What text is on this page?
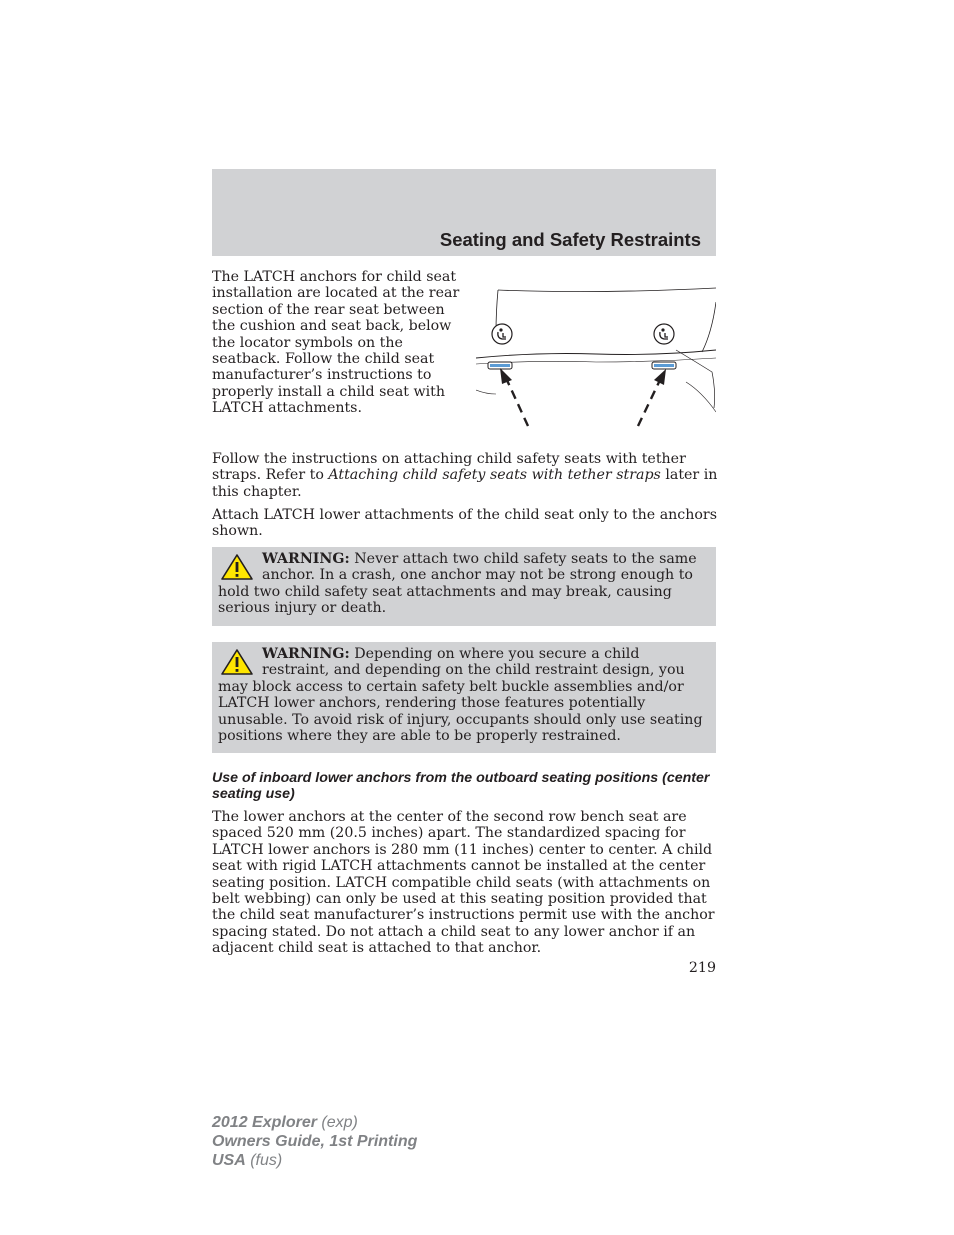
Seating and Safety Restraints

The LATCH anchors for child seat installation are located at the rear section of the rear seat between the cushion and seat back, below the locator symbols on the seatback. Follow the child seat manufacturer’s instructions to properly install a child seat with LATCH attachments.

Follow the instructions on attaching child safety seats with tether straps. Refer to Attaching child safety seats with tether straps later in this chapter.

Attach LATCH lower attachments of the child seat only to the anchors shown.

WARNING: Never attach two child safety seats to the same anchor. In a crash, one anchor may not be strong enough to hold two child safety seat attachments and may break, causing serious injury or death.

WARNING: Depending on where you secure a child restraint, and depending on the child restraint design, you may block access to certain safety belt buckle assemblies and/or LATCH lower anchors, rendering those features potentially unusable. To avoid risk of injury, occupants should only use seating positions where they are able to be properly restrained.

Use of inboard lower anchors from the outboard seating positions (center seating use)

The lower anchors at the center of the second row bench seat are spaced 520 mm (20.5 inches) apart. The standardized spacing for LATCH lower anchors is 280 mm (11 inches) center to center. A child seat with rigid LATCH attachments cannot be installed at the center seating position. LATCH compatible child seats (with attachments on belt webbing) can only be used at this seating position provided that the child seat manufacturer’s instructions permit use with the anchor spacing stated. Do not attach a child seat to any lower anchor if an adjacent child seat is attached to that anchor.

219
2012 Explorer (exp)
Owners Guide, 1st Printing
USA (fus)
